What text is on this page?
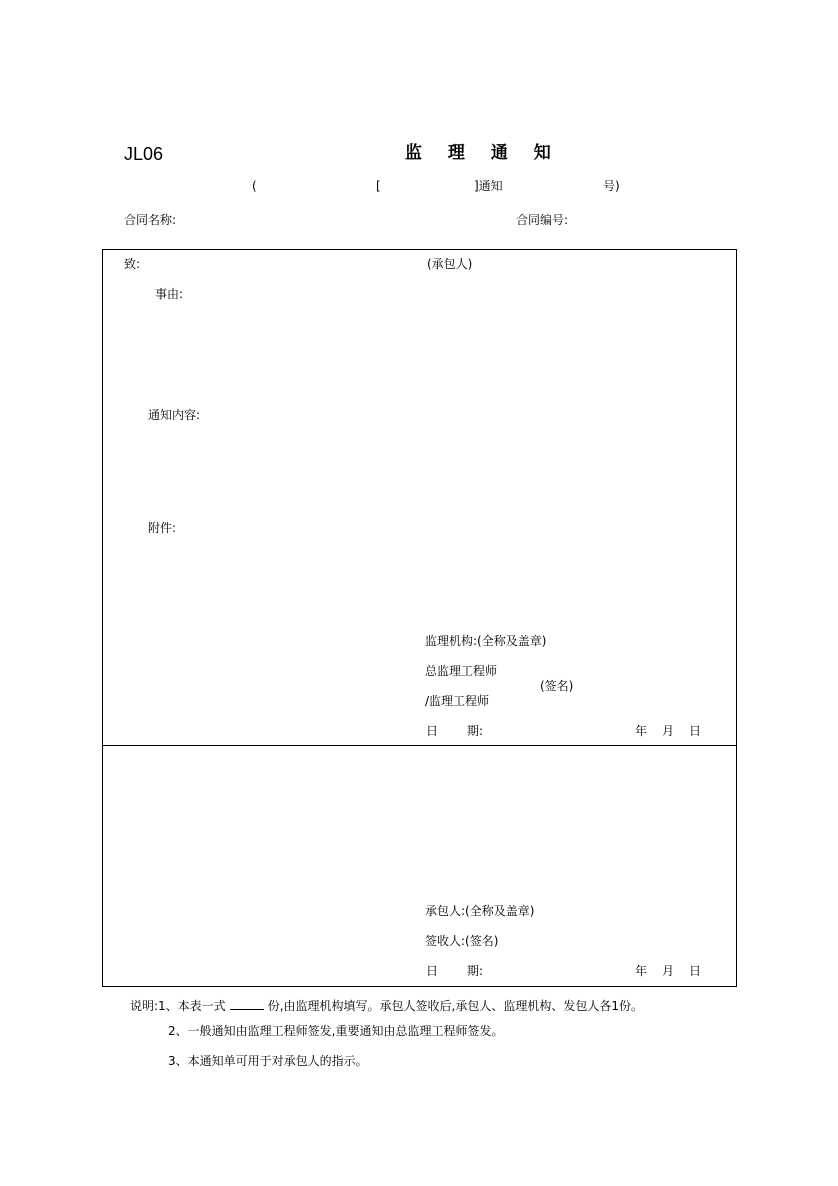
JL06	监 理 通 知
(	[	]通知	号)
合同名称:	合同编号:
致:	(承包人)
事由:
通知内容:
附件:
监理机构:(全称及盖章)
总监理工程师
(签名)
/监理工程师
日 期:	年 月 日
承包人:(全称及盖章)
签收人:(签名)
日 期:	年 月 日
说明:1、本表一式	份,由监理机构填写。承包人签收后,承包人、监理机构、发包人各1份。
2、一般通知由监理工程师签发,重要通知由总监理工程师签发。
3、本通知单可用于对承包人的指示。
